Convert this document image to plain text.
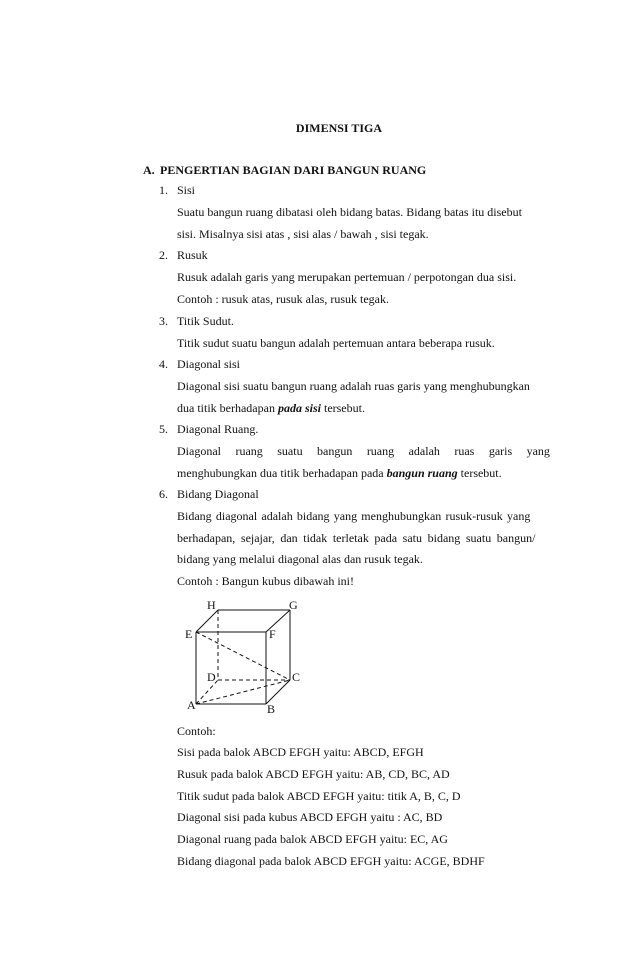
DIMENSI TIGA
A. PENGERTIAN BAGIAN DARI BANGUN RUANG
1. Sisi
Suatu bangun ruang dibatasi oleh bidang batas. Bidang batas itu disebut
sisi. Misalnya sisi atas , sisi alas / bawah , sisi tegak.
2. Rusuk
Rusuk adalah garis yang merupakan pertemuan / perpotongan dua sisi.
Contoh : rusuk atas, rusuk alas, rusuk tegak.
3. Titik Sudut.
Titik sudut suatu bangun adalah pertemuan antara beberapa rusuk.
4. Diagonal sisi
Diagonal sisi suatu bangun ruang adalah ruas garis yang menghubungkan
dua titik berhadapan pada sisi tersebut.
5. Diagonal Ruang.
Diagonal ruang suatu bangun ruang adalah ruas garis yang
menghubungkan dua titik berhadapan pada bangun ruang tersebut.
6. Bidang Diagonal
Bidang diagonal adalah bidang yang menghubungkan rusuk-rusuk yang
berhadapan, sejajar, dan tidak terletak pada satu bidang suatu bangun/
bidang yang melalui diagonal alas dan rusuk tegak.
Contoh : Bangun kubus dibawah ini!
H	G
E	F
D	C
A	B
Contoh:
Sisi pada balok ABCD EFGH yaitu: ABCD, EFGH
Rusuk pada balok ABCD EFGH yaitu: AB, CD, BC, AD
Titik sudut pada balok ABCD EFGH yaitu: titik A, B, C, D
Diagonal sisi pada kubus ABCD EFGH yaitu : AC, BD
Diagonal ruang pada balok ABCD EFGH yaitu: EC, AG
Bidang diagonal pada balok ABCD EFGH yaitu: ACGE, BDHF
